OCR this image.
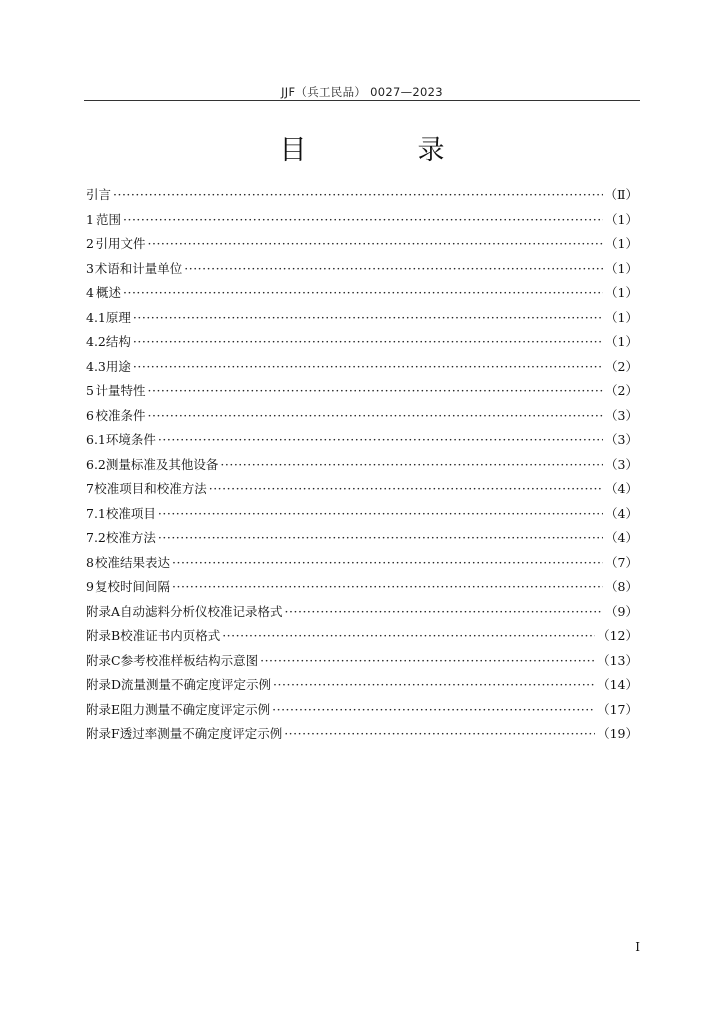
JJF（兵工民品） 0027—2023
目　录
引言 ·····	（Ⅱ）
1 范围 ·····	（1）
2 引用文件 ·····	（1）
3 术语和计量单位 ·····	（1）
4 概述 ·····	（1）
4.1 原理 ·····	（1）
4.2 结构 ·····	（1）
4.3 用途 ·····	（2）
5 计量特性 ·····	（2）
6 校准条件 ·····	（3）
6.1 环境条件 ·····	（3）
6.2 测量标准及其他设备 ·····	（3）
7 校准项目和校准方法 ·····	（4）
7.1 校准项目 ·····	（4）
7.2 校准方法 ·····	（4）
8 校准结果表达 ·····	（7）
9 复校时间间隔 ·····	（8）
附录A 自动滤料分析仪校准记录格式 ·····	（9）
附录B 校准证书内页格式 ·····	（12）
附录C 参考校准样板结构示意图 ·····	（13）
附录D 流量测量不确定度评定示例 ·····	（14）
附录E 阻力测量不确定度评定示例 ·····	（17）
附录F 透过率测量不确定度评定示例 ·····	（19）
I
